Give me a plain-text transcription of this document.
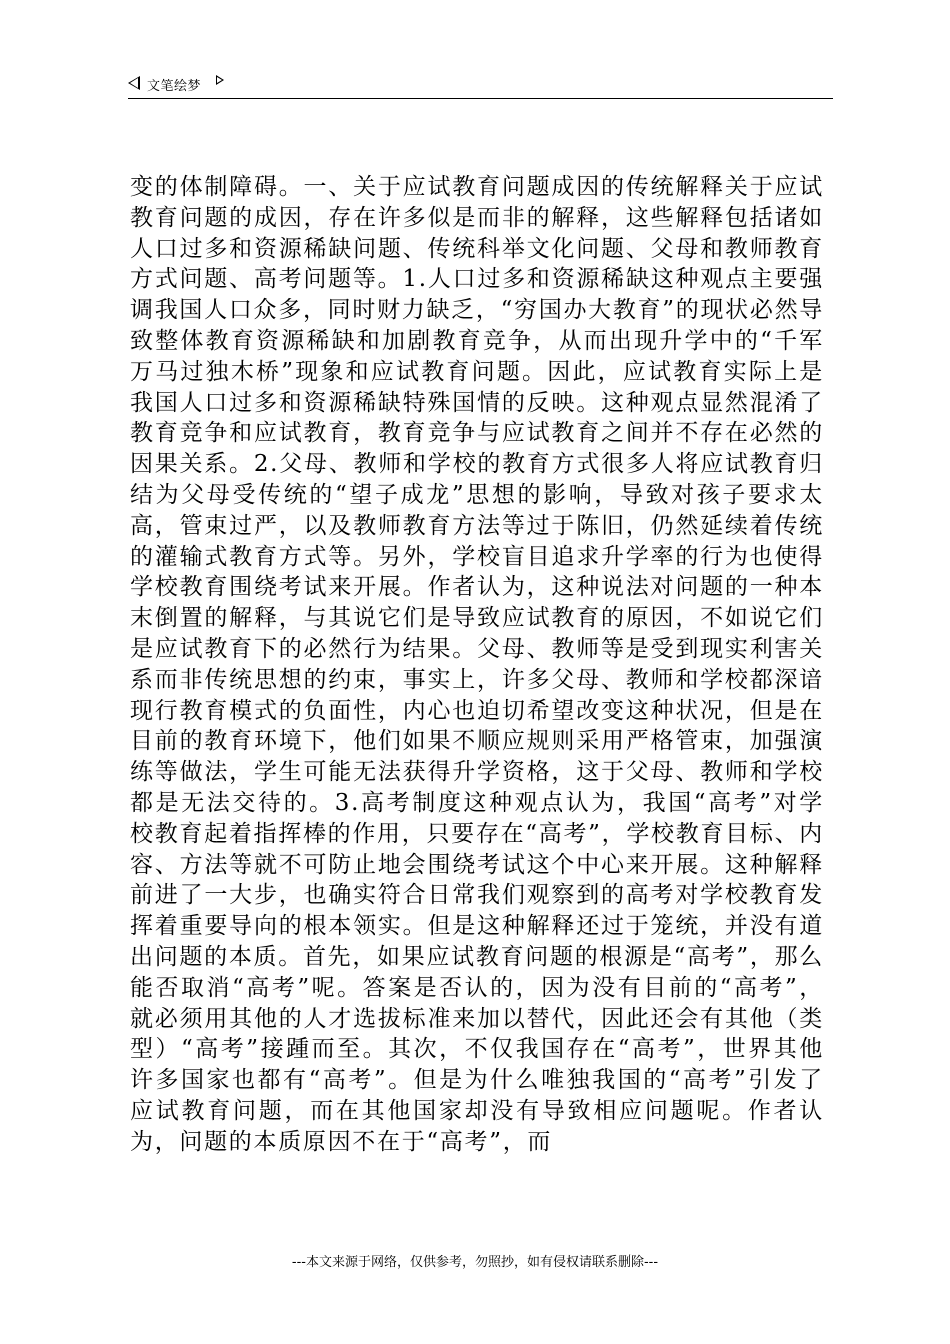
文笔绘梦

变的体制障碍。一、关于应试教育问题成因的传统解释关于应试教育问题的成因，存在许多似是而非的解释，这些解释包括诸如人口过多和资源稀缺问题、传统科举文化问题、父母和教师教育方式问题、高考问题等。1.人口过多和资源稀缺这种观点主要强调我国人口众多，同时财力缺乏，“穷国办大教育”的现状必然导致整体教育资源稀缺和加剧教育竞争，从而出现升学中的“千军万马过独木桥”现象和应试教育问题。因此，应试教育实际上是我国人口过多和资源稀缺特殊国情的反映。这种观点显然混淆了教育竞争和应试教育，教育竞争与应试教育之间并不存在必然的因果关系。2.父母、教师和学校的教育方式很多人将应试教育归结为父母受传统的“望子成龙”思想的影响，导致对孩子要求太高，管束过严，以及教师教育方法等过于陈旧，仍然延续着传统的灌输式教育方式等。另外，学校盲目追求升学率的行为也使得学校教育围绕考试来开展。作者认为，这种说法对问题的一种本末倒置的解释，与其说它们是导致应试教育的原因，不如说它们是应试教育下的必然行为结果。父母、教师等是受到现实利害关系而非传统思想的约束，事实上，许多父母、教师和学校都深谙现行教育模式的负面性，内心也迫切希望改变这种状况，但是在目前的教育环境下，他们如果不顺应规则采用严格管束，加强演练等做法，学生可能无法获得升学资格，这于父母、教师和学校都是无法交待的。3.高考制度这种观点认为，我国“高考”对学校教育起着指挥棒的作用，只要存在“高考”，学校教育目标、内容、方法等就不可防止地会围绕考试这个中心来开展。这种解释前进了一大步，也确实符合日常我们观察到的高考对学校教育发挥着重要导向的根本领实。但是这种解释还过于笼统，并没有道出问题的本质。首先，如果应试教育问题的根源是“高考”，那么能否取消“高考”呢。答案是否认的，因为没有目前的“高考”，就必须用其他的人才选拔标准来加以替代，因此还会有其他（类型）“高考”接踵而至。其次，不仅我国存在“高考”，世界其他许多国家也都有“高考”。但是为什么唯独我国的“高考”引发了应试教育问题，而在其他国家却没有导致相应问题呢。作者认为，问题的本质原因不在于“高考”，而

---本文来源于网络，仅供参考，勿照抄，如有侵权请联系删除---
